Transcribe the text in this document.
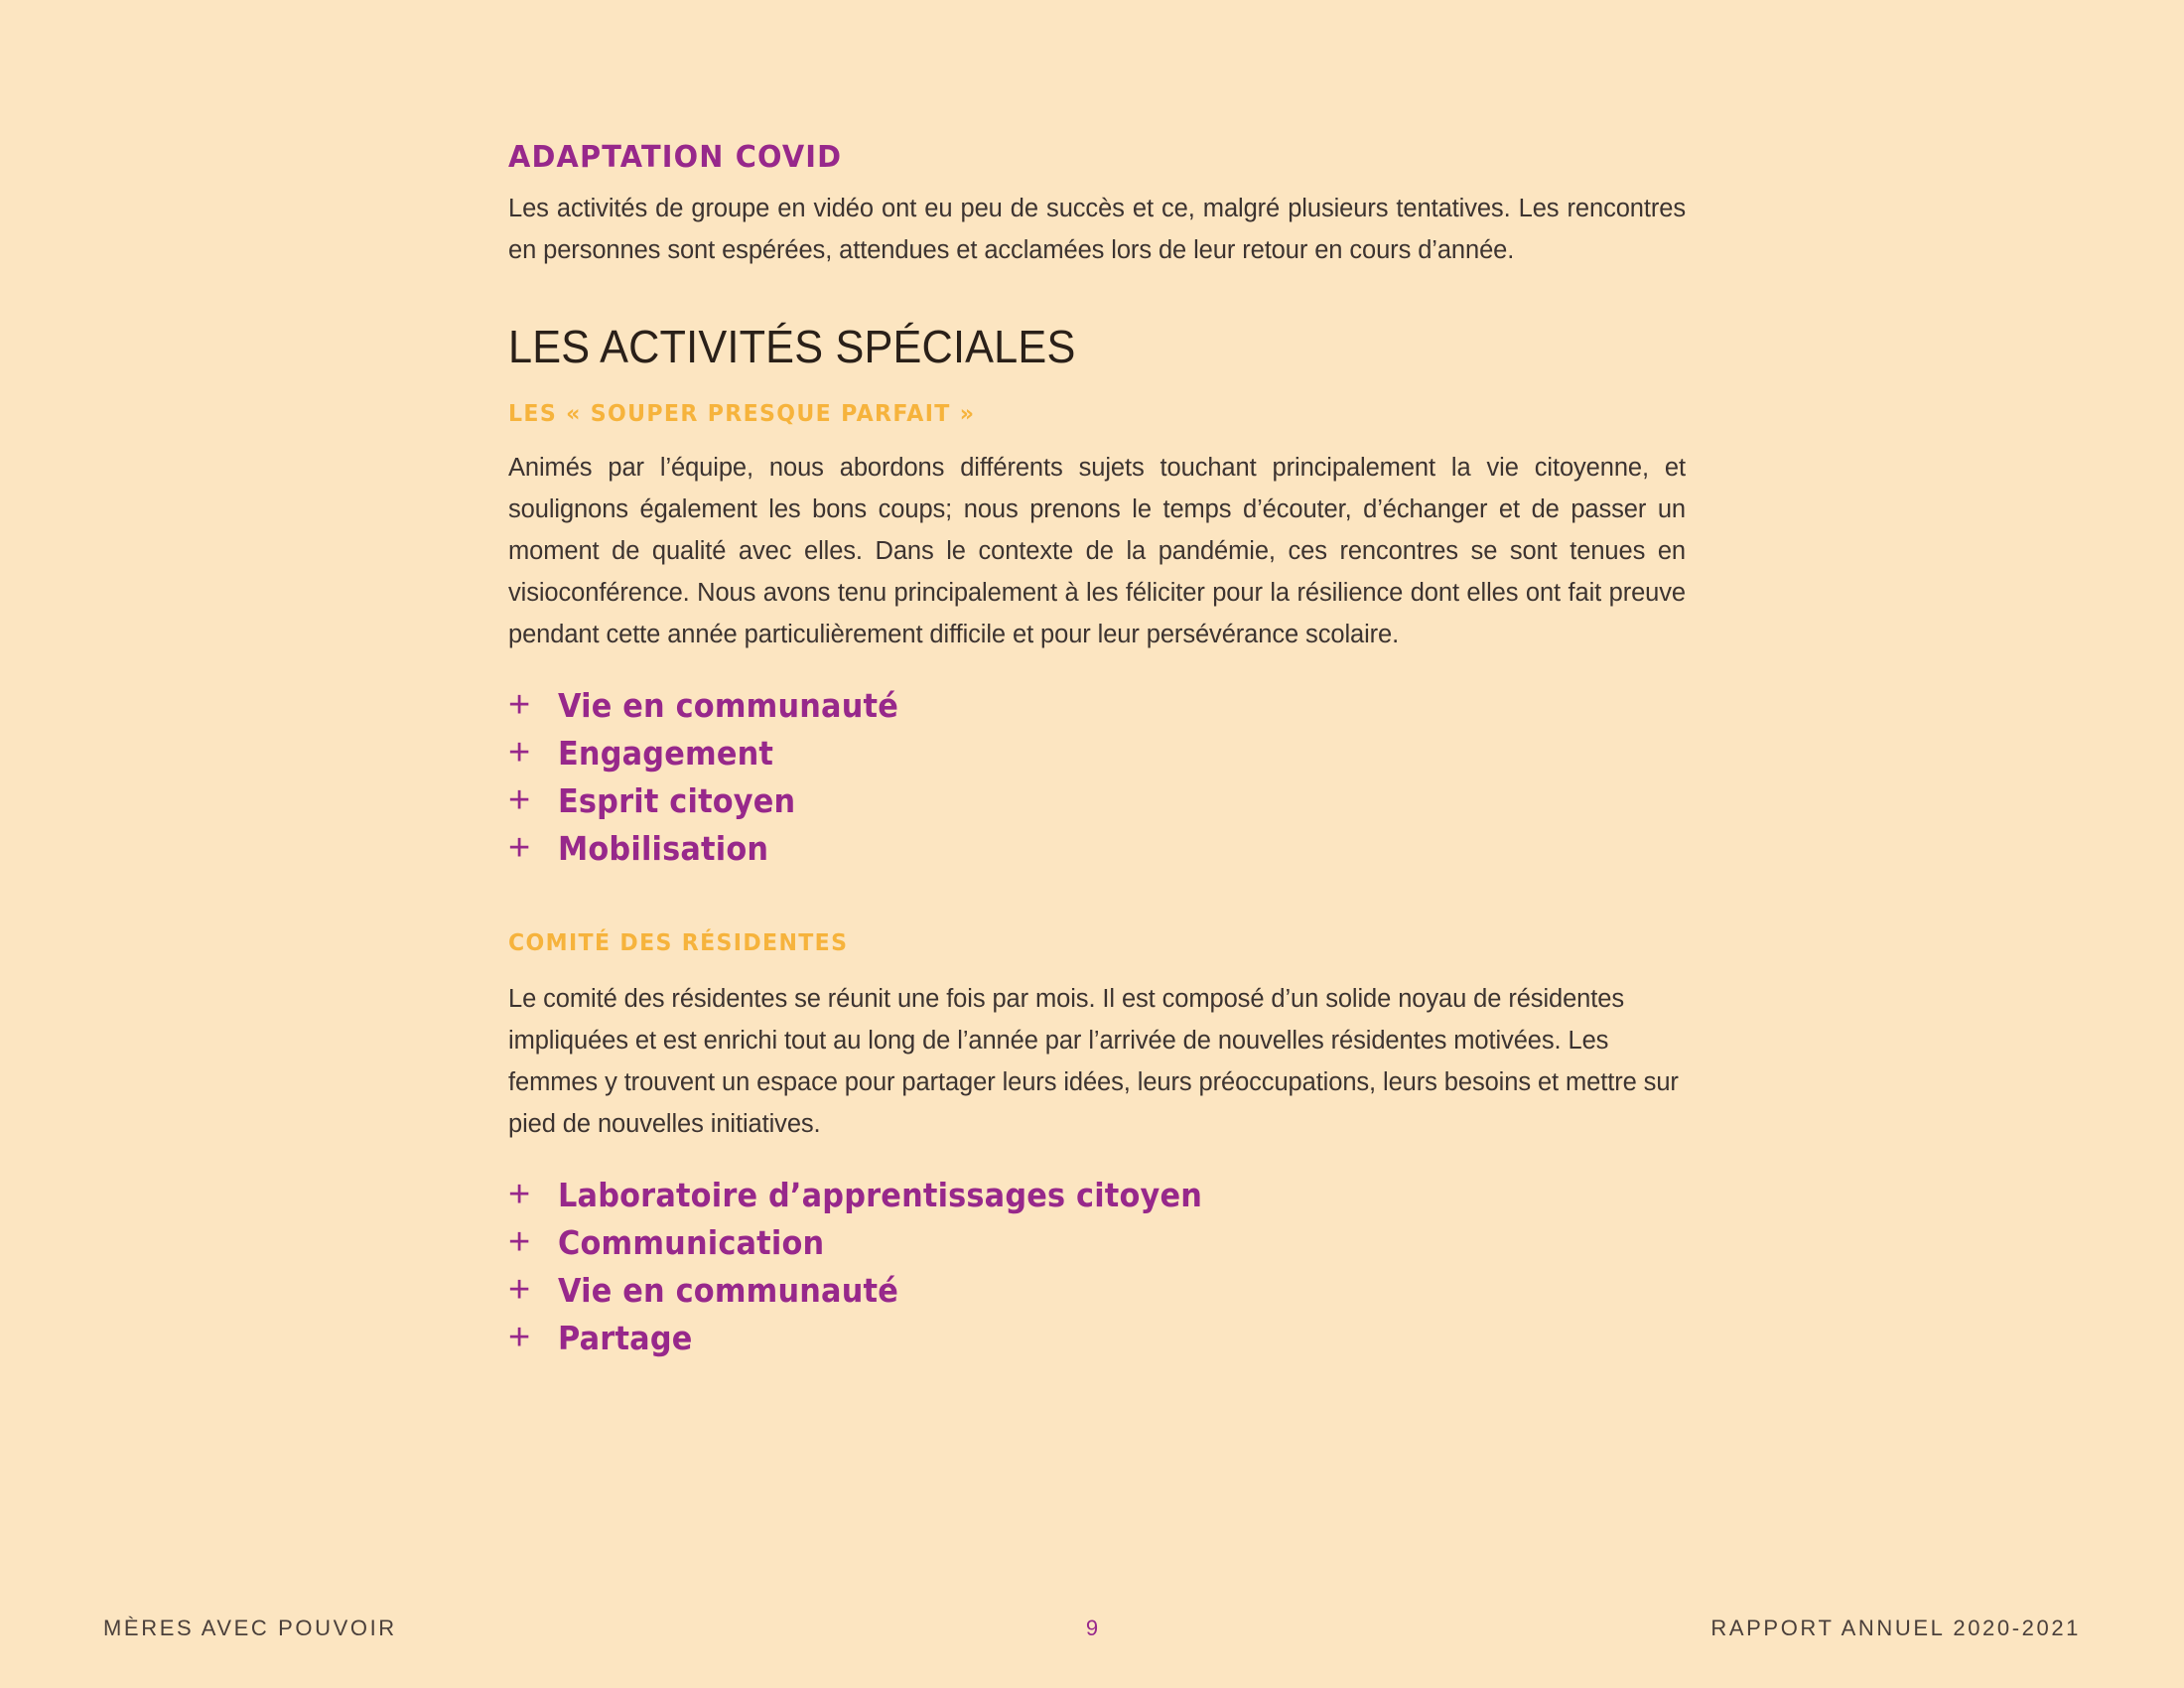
ADAPTATION COVID

Les activités de groupe en vidéo ont eu peu de succès et ce, malgré plusieurs tentatives. Les rencontres en personnes sont espérées, attendues et acclamées lors de leur retour en cours d’année.

LES ACTIVITÉS SPÉCIALES
LES « SOUPER PRESQUE PARFAIT »

Animés par l’équipe, nous abordons différents sujets touchant principalement la vie citoyenne, et soulignons également les bons coups; nous prenons le temps d’écouter, d’échanger et de passer un moment de qualité avec elles. Dans le contexte de la pandémie, ces rencontres se sont tenues en visioconférence. Nous avons tenu principalement à les féliciter pour la résilience dont elles ont fait preuve pendant cette année particulièrement difficile et pour leur persévérance scolaire.

+ Vie en communauté
+ Engagement
+ Esprit citoyen
+ Mobilisation
COMITÉ DES RÉSIDENTES

Le comité des résidentes se réunit une fois par mois. Il est composé d’un solide noyau de résidentes impliquées et est enrichi tout au long de l’année par l’arrivée de nouvelles résidentes motivées. Les femmes y trouvent un espace pour partager leurs idées, leurs préoccupations, leurs besoins et mettre sur pied de nouvelles initiatives.

+ Laboratoire d’apprentissages citoyen
+ Communication
+ Vie en communauté
+ Partage
MÈRES AVEC POUVOIR	9	RAPPORT ANNUEL 2020-2021
